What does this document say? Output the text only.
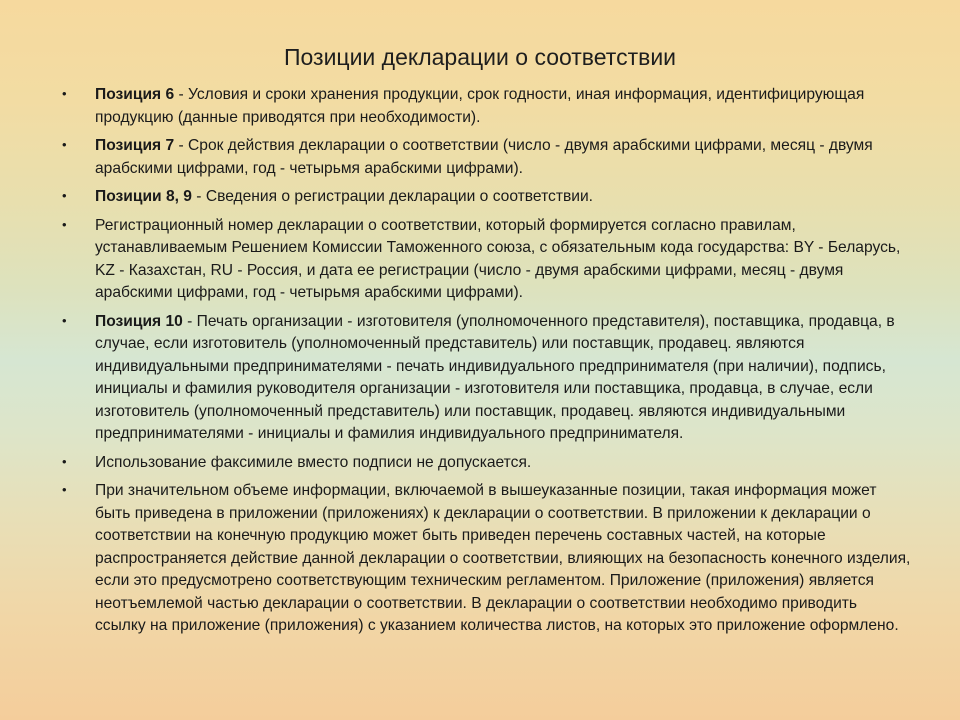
Позиции декларации о соответствии
• Позиция 6 - Условия и сроки хранения продукции, срок годности, иная информация, идентифицирующая продукцию (данные приводятся при необходимости).
• Позиция 7 - Срок действия декларации о соответствии (число - двумя арабскими цифрами, месяц - двумя арабскими цифрами, год - четырьмя арабскими цифрами).
• Позиции 8, 9 - Сведения о регистрации декларации о соответствии.
• Регистрационный номер декларации о соответствии, который формируется согласно правилам, устанавливаемым Решением Комиссии Таможенного союза, с обязательным кода государства: BY - Беларусь, KZ - Казахстан, RU - Россия, и дата ее регистрации (число - двумя арабскими цифрами, месяц - двумя арабскими цифрами, год - четырьмя арабскими цифрами).
• Позиция 10 - Печать организации - изготовителя (уполномоченного представителя), поставщика, продавца, в случае, если изготовитель (уполномоченный представитель) или поставщик, продавец. являются индивидуальными предпринимателями - печать индивидуального предпринимателя (при наличии), подпись, инициалы и фамилия руководителя организации - изготовителя или поставщика, продавца, в случае, если изготовитель (уполномоченный представитель) или поставщик, продавец. являются индивидуальными предпринимателями - инициалы и фамилия индивидуального предпринимателя.
• Использование факсимиле вместо подписи не допускается.
• При значительном объеме информации, включаемой в вышеуказанные позиции, такая информация может быть приведена в приложении (приложениях) к декларации о соответствии. В приложении к декларации о соответствии на конечную продукцию может быть приведен перечень составных частей, на которые распространяется действие данной декларации о соответствии, влияющих на безопасность конечного изделия, если это предусмотрено соответствующим техническим регламентом. Приложение (приложения) является неотъемлемой частью декларации о соответствии. В декларации о соответствии необходимо приводить ссылку на приложение (приложения) с указанием количества листов, на которых это приложение оформлено.
